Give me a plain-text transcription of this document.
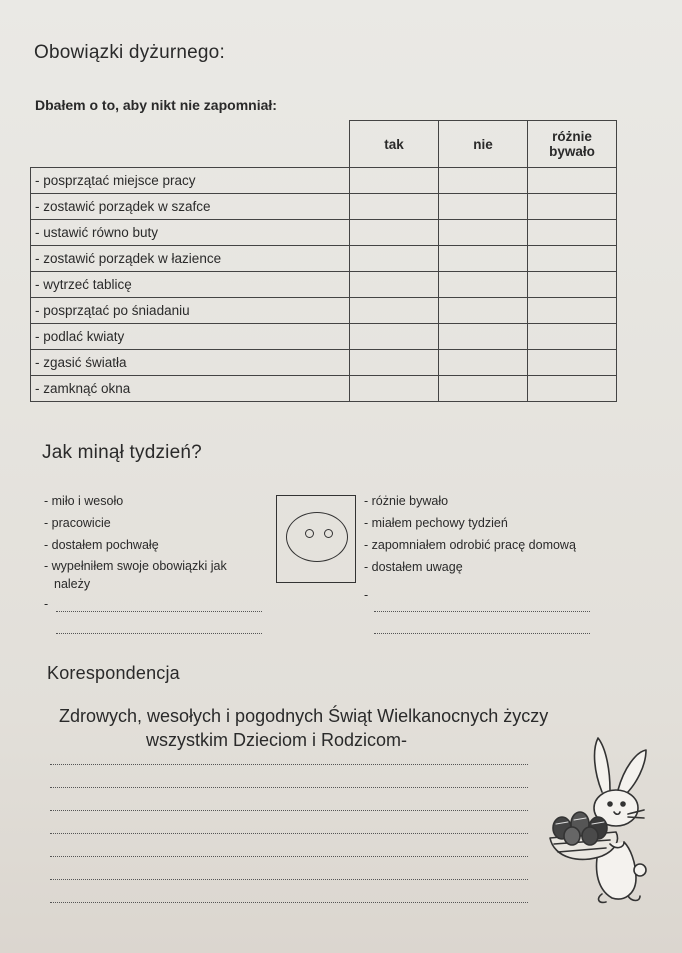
Obowiązki dyżurnego:
Dbałem o to, aby nikt nie zapomniał:
	tak	nie	różnie
bywało

- posprzątać miejsce pracy			
- zostawić porządek w szafce			
- ustawić równo buty			
- zostawić porządek w łazience			
- wytrzeć tablicę			
- posprzątać po śniadaniu			
- podlać kwiaty			
- zgasić światła			
- zamknąć okna			
Jak minął tydzień?
- miło i wesoło
- pracowicie
- dostałem pochwałę
- wypełniłem swoje obowiązki jak
należy
-
- różnie bywało
- miałem pechowy tydzień
- zapomniałem odrobić pracę domową
- dostałem uwagę
-
Korespondencja
Zdrowych, wesołych i pogodnych Świąt Wielkanocnych życzy
wszystkim Dzieciom i Rodzicom-
